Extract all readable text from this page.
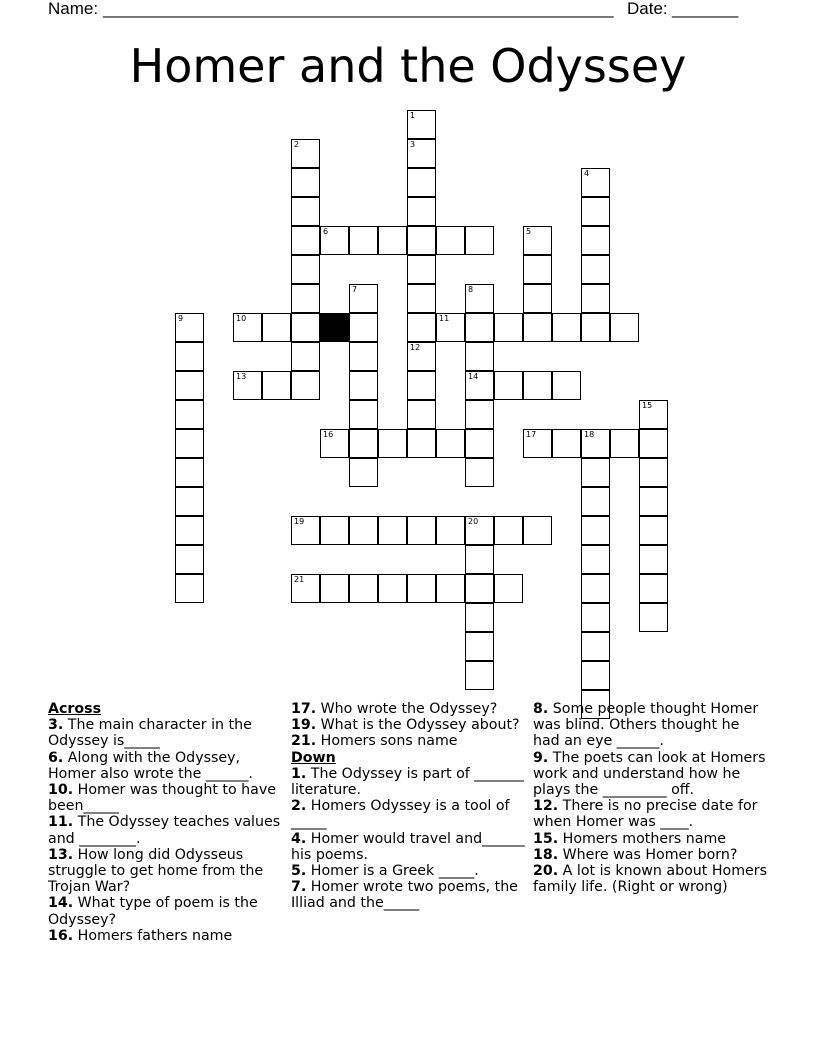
Name: ______________________________________________________ Date: _______
Homer and the Odyssey
3
12
2
1
6
4
5
7	8
14
9	10	11
13
15
16	17	18
19	20
21

Across

3. The main character in the Odyssey is_____

6. Along with the Odyssey, Homer also wrote the ______.

10. Homer was thought to have been_____

11. The Odyssey teaches values and ________.

13. How long did Odysseus struggle to get home from the Trojan War?

14. What type of poem is the Odyssey?

16. Homers fathers name

17. Who wrote the Odyssey?

19. What is the Odyssey about?

21. Homers sons name

Down

1. The Odyssey is part of _______ literature.

2. Homers Odyssey is a tool of _____

4. Homer would travel and______ his poems.

5. Homer is a Greek _____.

7. Homer wrote two poems, the Illiad and the_____

8. Some people thought Homer was blind. Others thought he had an eye ______.

9. The poets can look at Homers work and understand how he plays the _________ off.

12. There is no precise date for when Homer was ____.

15. Homers mothers name

18. Where was Homer born?

20. A lot is known about Homers family life. (Right or wrong)
